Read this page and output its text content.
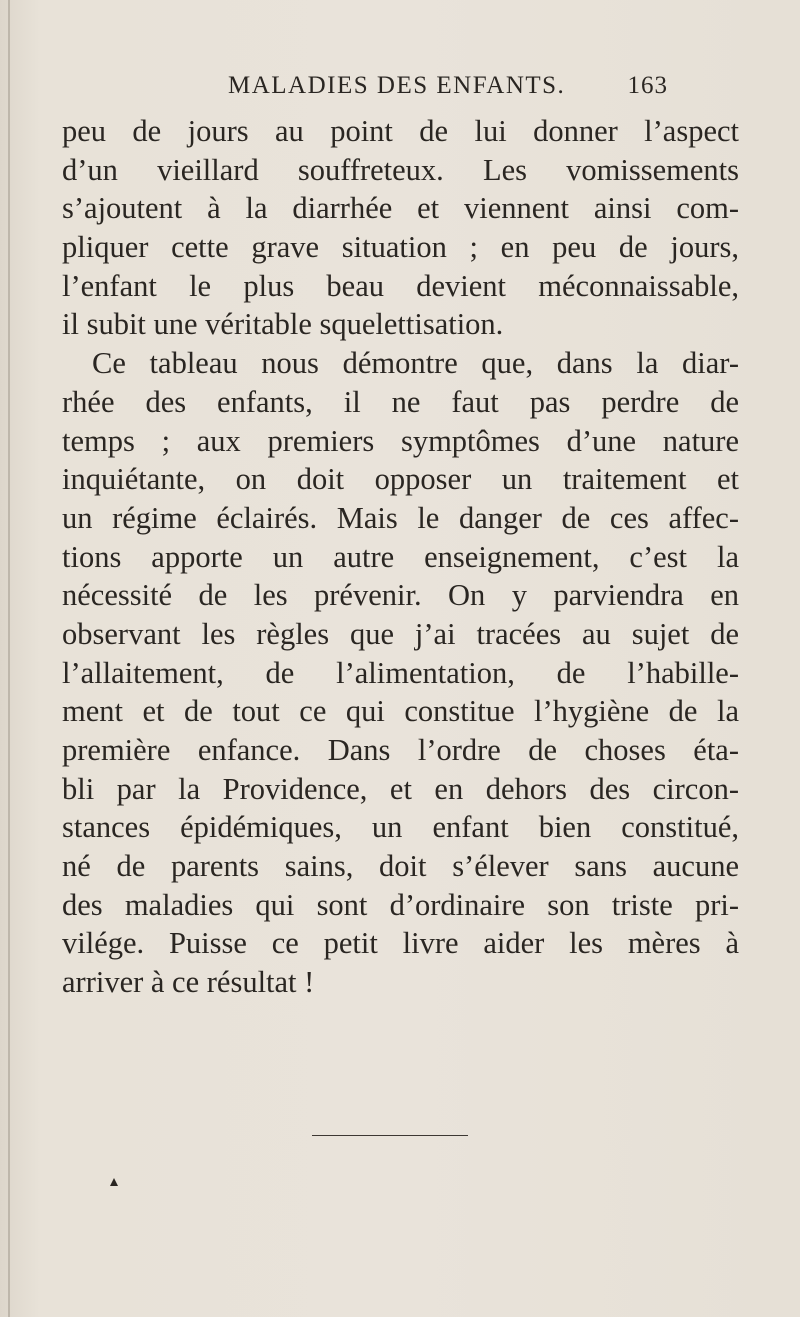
MALADIES DES ENFANTS. 163
peu de jours au point de lui donner l’aspect
d’un vieillard souffreteux. Les vomissements
s’ajoutent à la diarrhée et viennent ainsi com-
pliquer cette grave situation ; en peu de jours,
l’enfant le plus beau devient méconnaissable,
il subit une véritable squelettisation.
Ce tableau nous démontre que, dans la diar-
rhée des enfants, il ne faut pas perdre de
temps ; aux premiers symptômes d’une nature
inquiétante, on doit opposer un traitement et
un régime éclairés. Mais le danger de ces affec-
tions apporte un autre enseignement, c’est la
nécessité de les prévenir. On y parviendra en
observant les règles que j’ai tracées au sujet de
l’allaitement, de l’alimentation, de l’habille-
ment et de tout ce qui constitue l’hygiène de la
première enfance. Dans l’ordre de choses éta-
bli par la Providence, et en dehors des circon-
stances épidémiques, un enfant bien constitué,
né de parents sains, doit s’élever sans aucune
des maladies qui sont d’ordinaire son triste pri-
vilége. Puisse ce petit livre aider les mères à
arriver à ce résultat !
